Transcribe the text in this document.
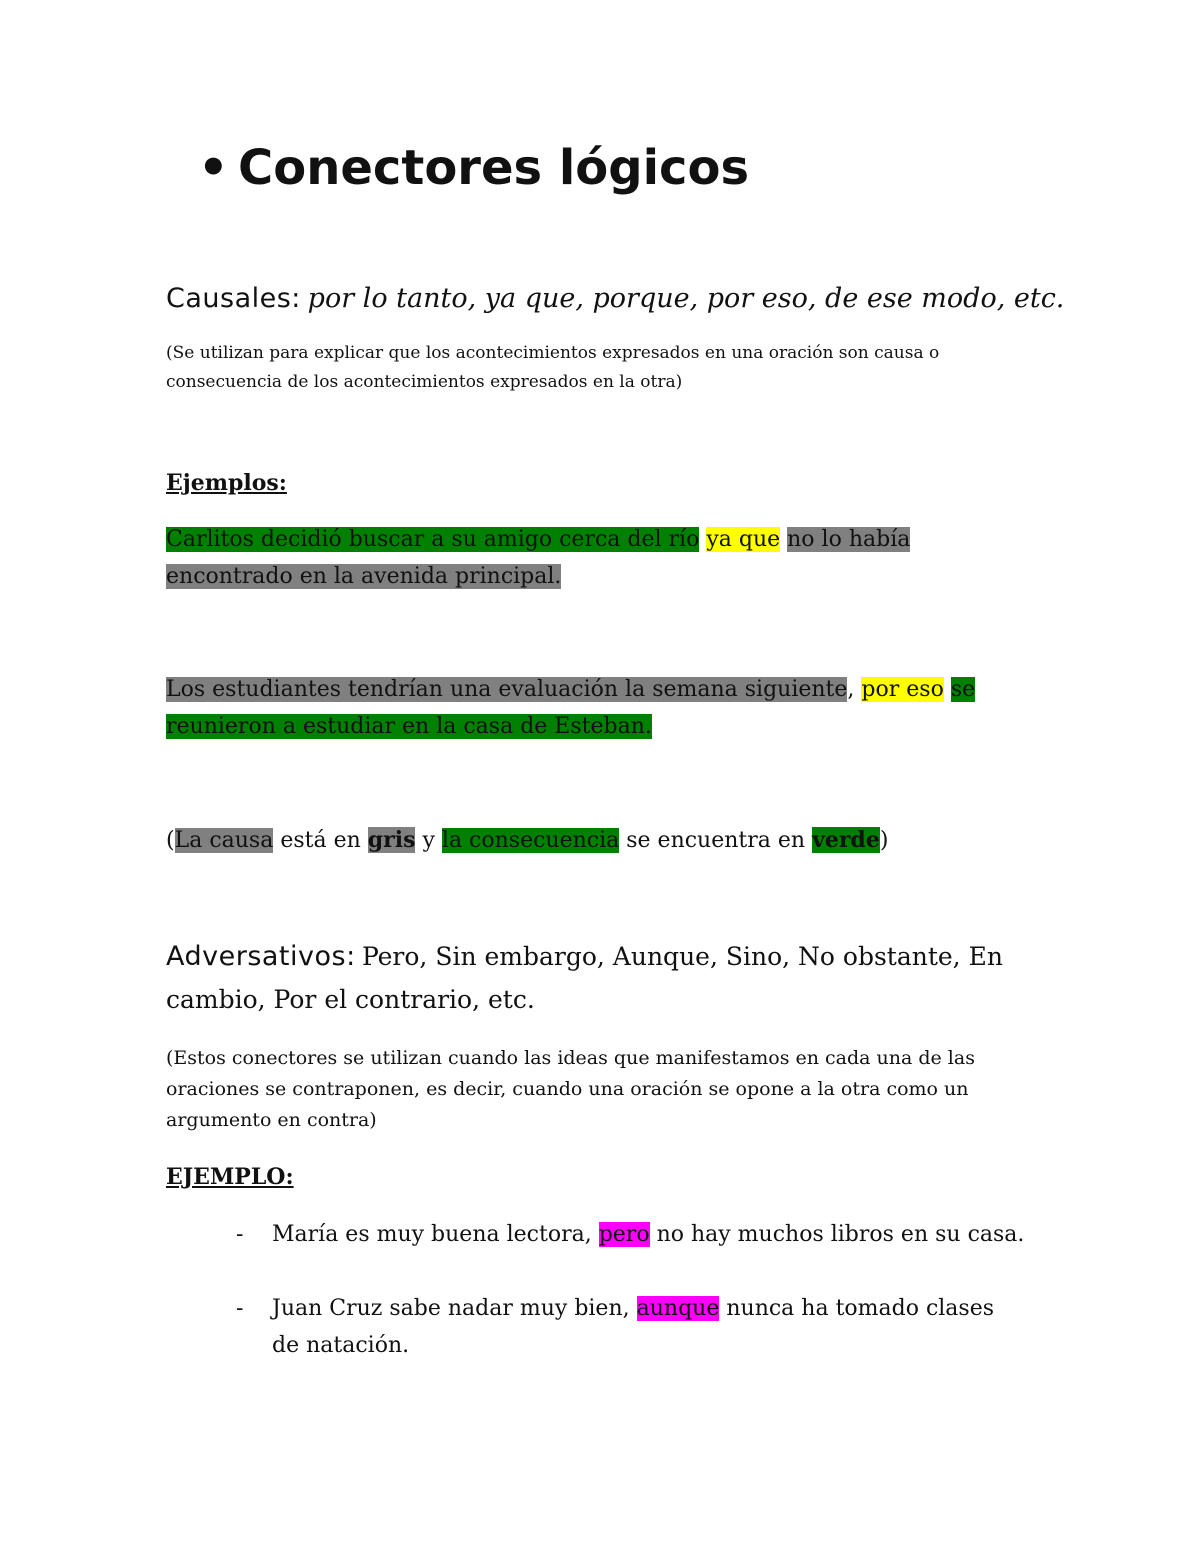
• Conectores lógicos
Causales: por lo tanto, ya que, porque, por eso, de ese modo, etc.
(Se utilizan para explicar que los acontecimientos expresados en una oración son causa o consecuencia de los acontecimientos expresados en la otra)
Ejemplos:
Carlitos decidió buscar a su amigo cerca del río ya que no lo había encontrado en la avenida principal.
Los estudiantes tendrían una evaluación la semana siguiente, por eso se reunieron a estudiar en la casa de Esteban.
(La causa está en gris y la consecuencia se encuentra en verde)
Adversativos: Pero, Sin embargo, Aunque, Sino, No obstante, En cambio, Por el contrario, etc.
(Estos conectores se utilizan cuando las ideas que manifestamos en cada una de las oraciones se contraponen, es decir, cuando una oración se opone a la otra como un argumento en contra)
EJEMPLO:
- María es muy buena lectora, pero no hay muchos libros en su casa.
- Juan Cruz sabe nadar muy bien, aunque nunca ha tomado clases de natación.
